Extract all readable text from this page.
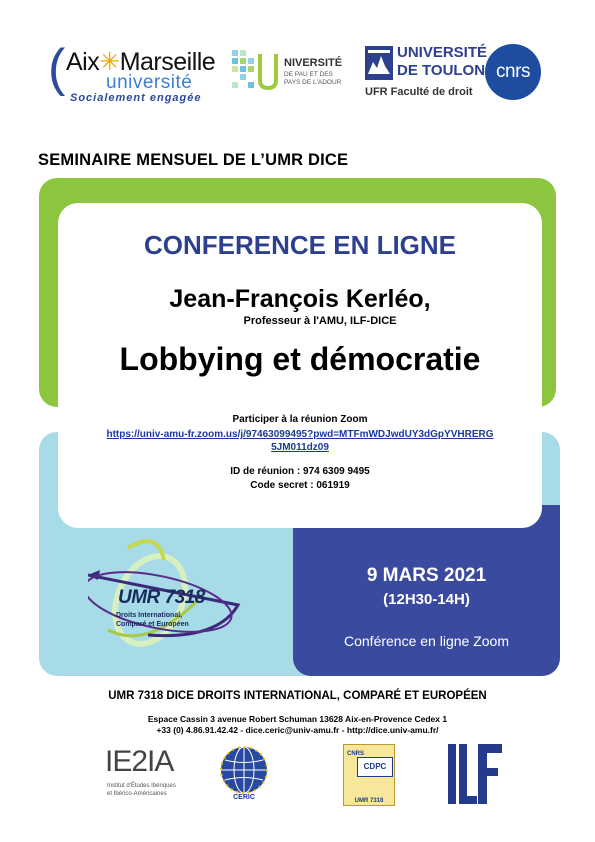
( Aix✳Marseille
université
Socialement engagée
NIVERSITÉ
DE PAU ET DES
PAYS DE L'ADOUR
UNIVERSITÉ
DE TOULON
UFR Faculté de droit
cnrs
SEMINAIRE MENSUEL DE L’UMR DICE
CONFERENCE EN LIGNE
Jean-François Kerléo,
Professeur à l'AMU, ILF-DICE
Lobbying et démocratie
Participer à la réunion Zoom
https://univ-amu-fr.zoom.us/j/97463099495?pwd=MTFmWDJwdUY3dGpYVHRERG
5JM011dz09
ID de réunion : 974 6309 9495
Code secret : 061919
9 MARS 2021
(12H30-14H)
Conférence en ligne Zoom
UMR 7318
Droits International,
Comparé et Européen
UMR 7318 DICE DROITS INTERNATIONAL, COMPARÉ ET EUROPÉEN
Espace Cassin 3 avenue Robert Schuman 13628 Aix-en-Provence Cedex 1
+33 (0) 4.86.91.42.42 - dice.ceric@univ-amu.fr - http://dice.univ-amu.fr/
IE2IA
Institut d'Études Ibériques
et Ibérico-Américaines	CERIC
CNRS
CDPC
UMR 7318
